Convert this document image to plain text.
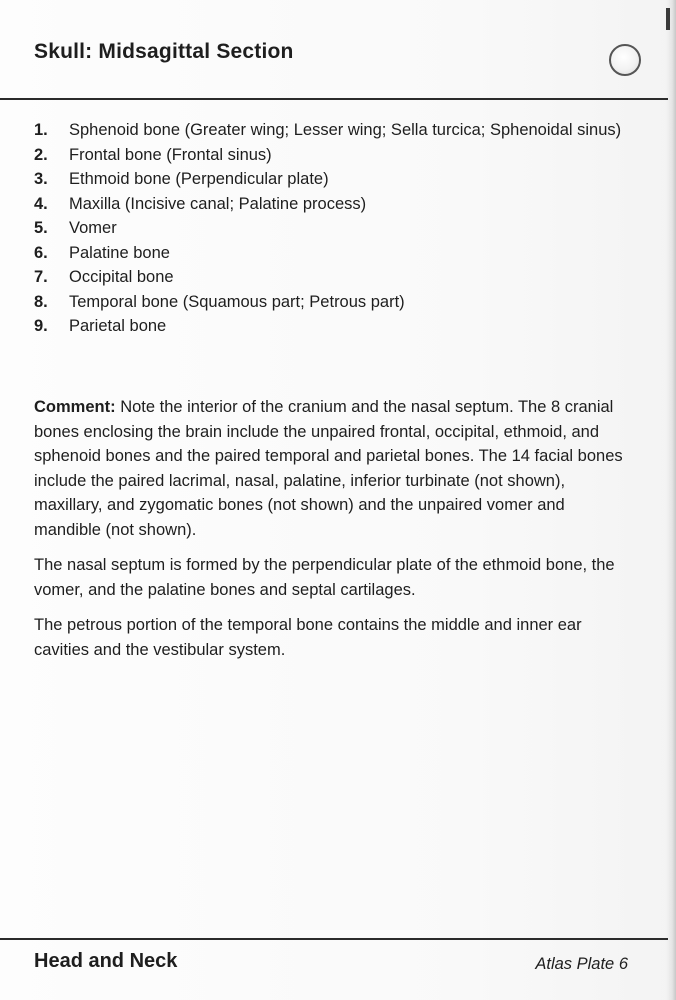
Skull: Midsagittal Section
1. Sphenoid bone (Greater wing; Lesser wing; Sella turcica; Sphenoidal sinus)
2. Frontal bone (Frontal sinus)
3. Ethmoid bone (Perpendicular plate)
4. Maxilla (Incisive canal; Palatine process)
5. Vomer
6. Palatine bone
7. Occipital bone
8. Temporal bone (Squamous part; Petrous part)
9. Parietal bone

Comment: Note the interior of the cranium and the nasal septum. The 8 cranial bones enclosing the brain include the unpaired frontal, occipital, ethmoid, and sphenoid bones and the paired temporal and parietal bones. The 14 facial bones include the paired lacrimal, nasal, palatine, inferior turbinate (not shown), maxillary, and zygomatic bones (not shown) and the unpaired vomer and mandible (not shown).

The nasal septum is formed by the perpendicular plate of the ethmoid bone, the vomer, and the palatine bones and septal cartilages.

The petrous portion of the temporal bone contains the middle and inner ear cavities and the vestibular system.

Head and Neck	Atlas Plate 6
